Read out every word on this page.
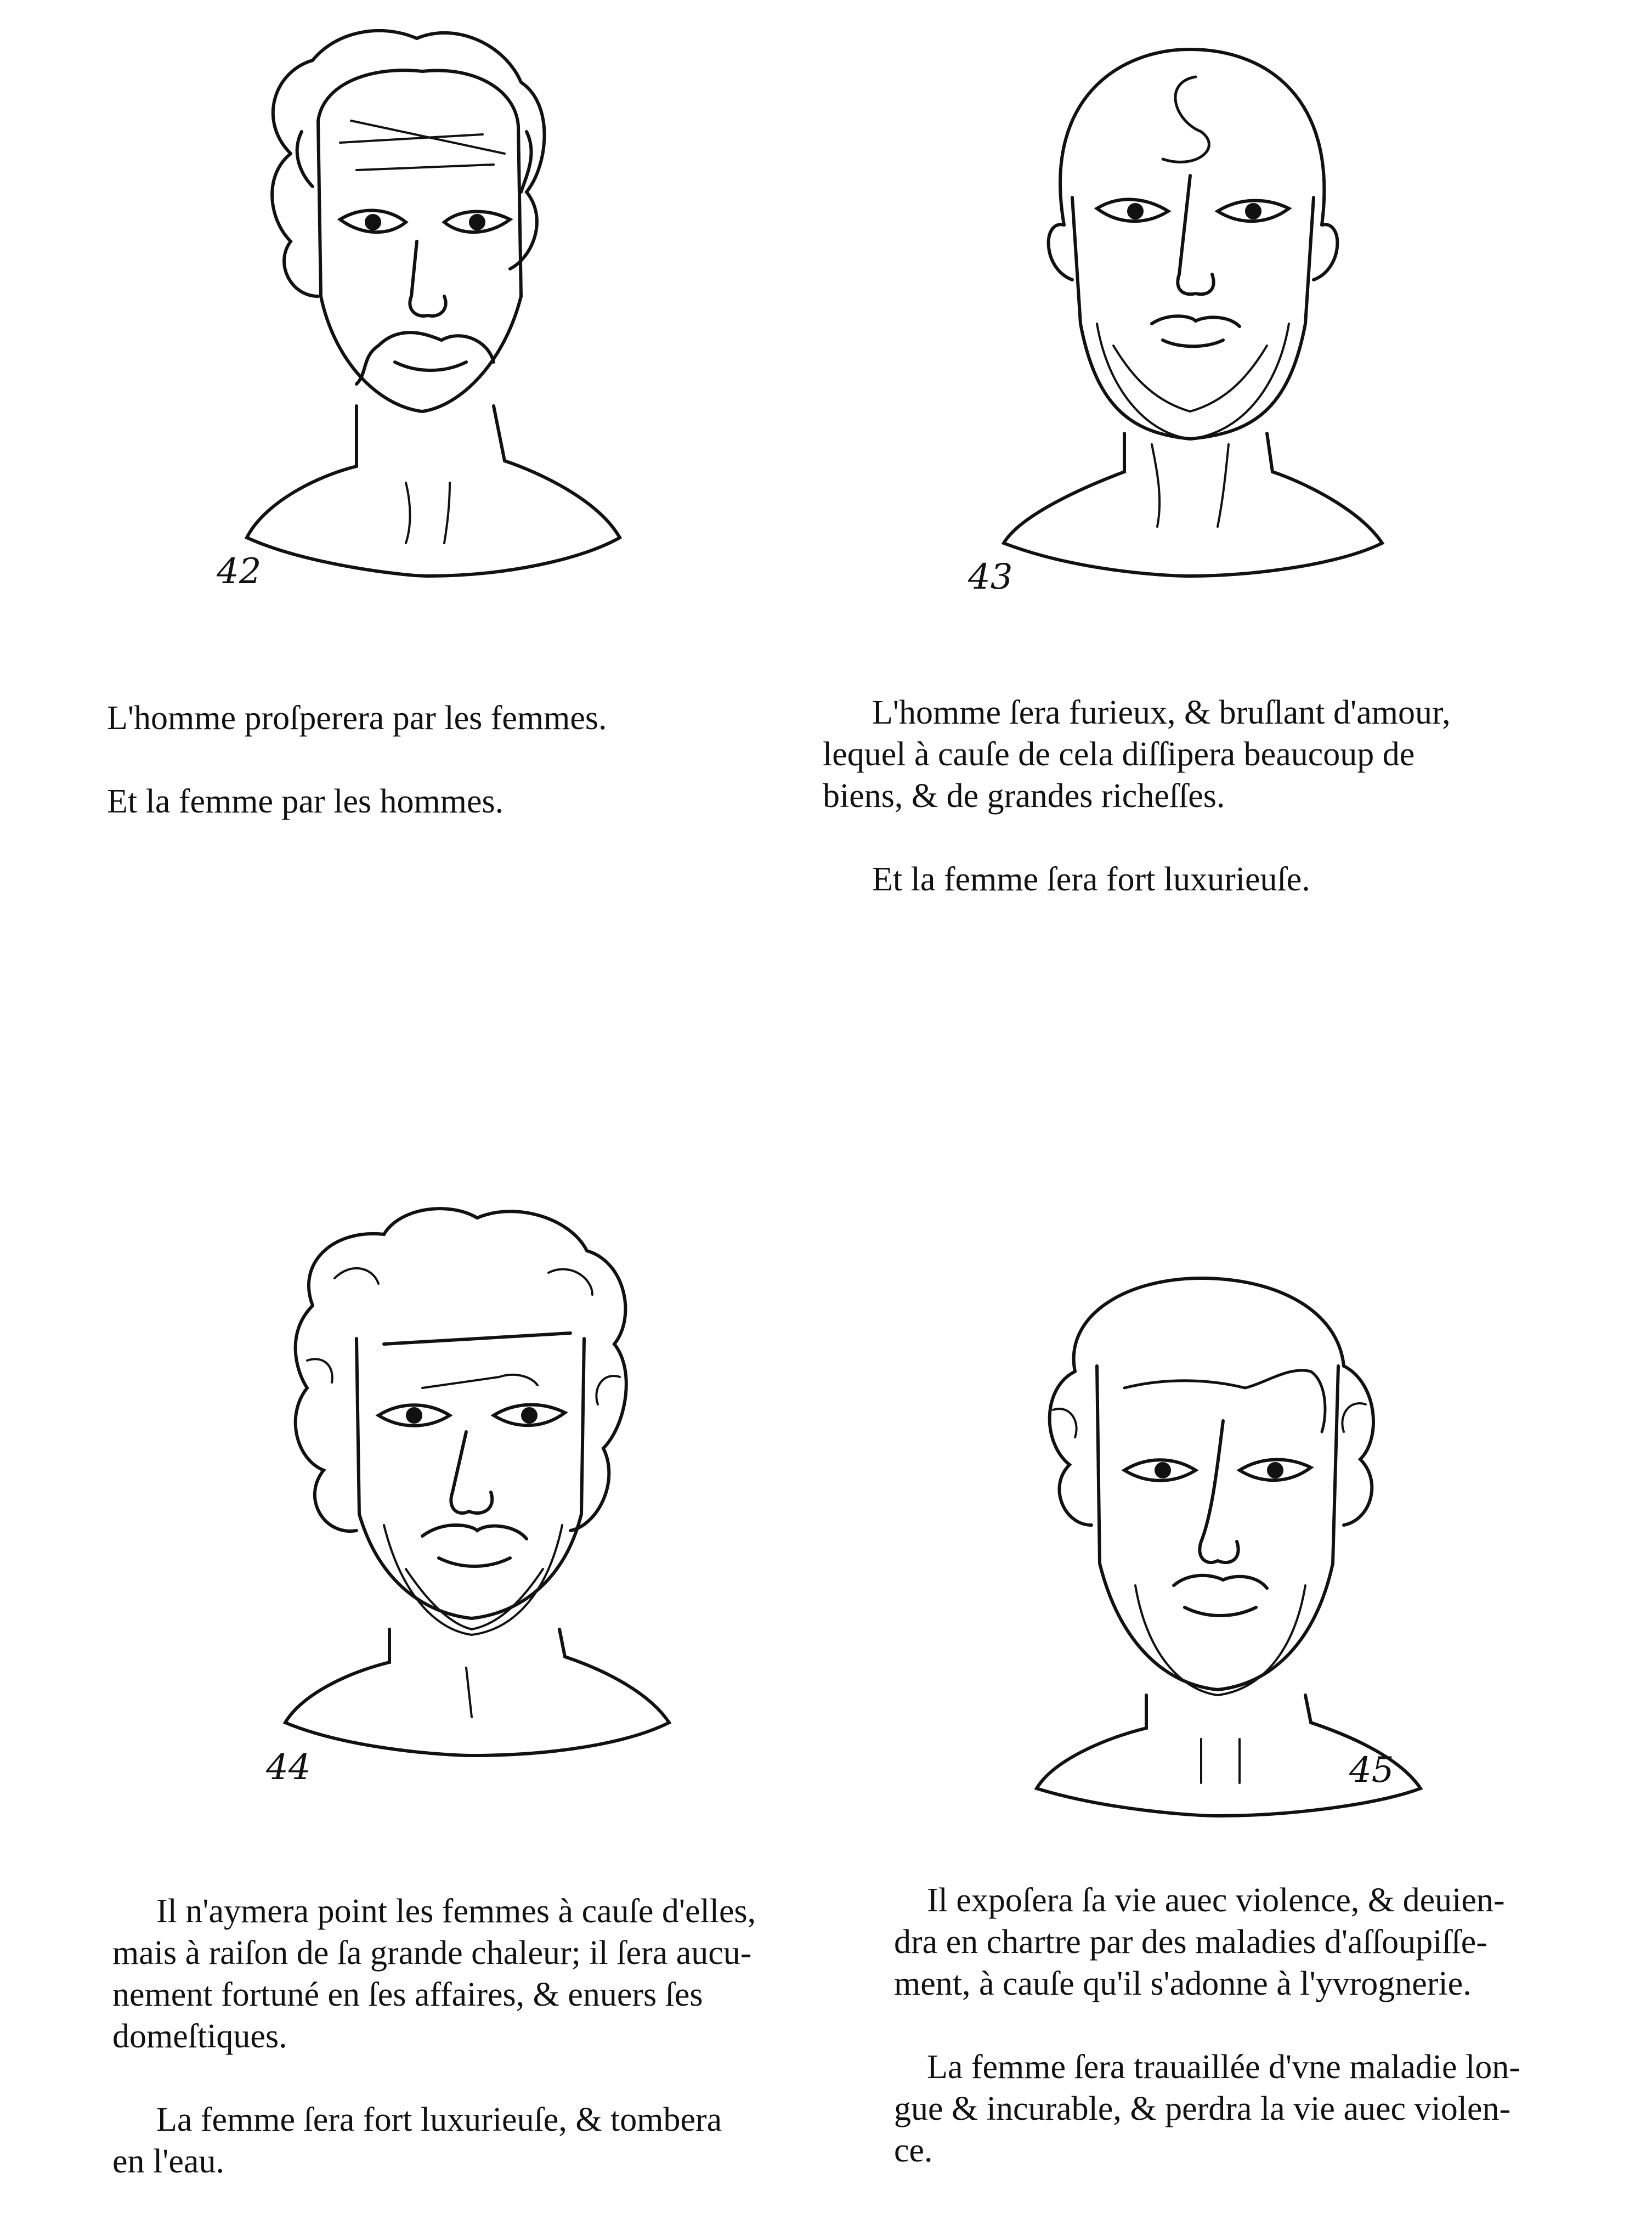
42	43

L'homme proſperera par les femmes.

Et la femme par les hommes.

L'homme ſera furieux, & bruſlant d'amour,
lequel à cauſe de cela diſſipera beaucoup de
biens, & de grandes richeſſes.

Et la femme ſera fort luxurieuſe.

44	45

Il n'aymera point les femmes à cauſe d'elles,
mais à raiſon de ſa grande chaleur; il ſera aucu-
nement fortuné en ſes affaires, & enuers ſes
domeſtiques.

La femme ſera fort luxurieuſe, & tombera
en l'eau.

Il expoſera ſa vie auec violence, & deuien-
dra en chartre par des maladies d'aſſoupiſſe-
ment, à cauſe qu'il s'adonne à l'yvrognerie.

La femme ſera trauaillée d'vne maladie lon-
gue & incurable, & perdra la vie auec violen-
ce.
